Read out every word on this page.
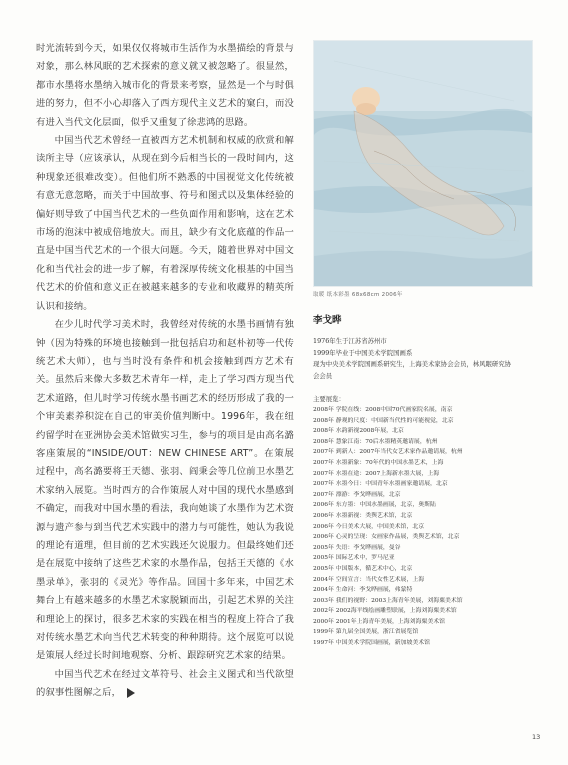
时光流转到今天，如果仅仅将城市生活作为水墨描绘的背景与对象，那么林风眠的艺术探索的意义就又被忽略了。很显然，都市水墨将水墨纳入城市化的背景来考察，显然是一个与时俱进的努力，但不小心却落入了西方现代主义艺术的窠臼，而没有进入当代文化层面，似乎又重复了徐悲鸿的思路。

中国当代艺术曾经一直被西方艺术机制和权威的欣赏和解读所主导（应该承认，从现在到今后相当长的一段时间内，这种现象还很难改变）。但他们所不熟悉的中国视觉文化传统被有意无意忽略，而关于中国故事、符号和图式以及集体经验的偏好则导致了中国当代艺术的一些负面作用和影响，这在艺术市场的泡沫中被成倍地放大。而且，缺少有文化底蕴的作品一直是中国当代艺术的一个很大问题。今天，随着世界对中国文化和当代社会的进一步了解，有着深厚传统文化根基的中国当代艺术的价值和意义正在被越来越多的专业和收藏界的精英所认识和接纳。

在少儿时代学习美术时，我曾经对传统的水墨书画情有独钟（因为特殊的环境也接触到一批包括启功和赵朴初等一代传统艺术大师），也与当时没有条件和机会接触到西方艺术有关。虽然后来像大多数艺术青年一样，走上了学习西方现当代艺术道路，但儿时学习传统水墨书画艺术的经历形成了我的一个审美素养积淀在自己的审美价值判断中。1996年，我在纽约留学时在亚洲协会美术馆做实习生，参与的项目是由高名潞客座策展的“INSIDE/OUT：NEW CHINESE ART”。在策展过程中，高名潞要将王天德、张羽、阎秉会等几位前卫水墨艺术家纳入展览。当时西方的合作策展人对中国的现代水墨感到不确定，而我对中国水墨的看法，我向她谈了水墨作为艺术资源与遗产参与到当代艺术实践中的潜力与可能性，她认为我说的理论有道理，但目前的艺术实践还欠说服力。但最终她们还是在展览中接纳了这些艺术家的水墨作品，包括王天德的《水墨录单》，张羽的《灵光》等作品。回国十多年来，中国艺术舞台上有越来越多的水墨艺术家脱颖而出，引起艺术界的关注和理论上的探讨，很多艺术家的实践在相当的程度上符合了我对传统水墨艺术向当代艺术转变的种种期待。这个展览可以说是策展人经过长时间地观察、分析、跟踪研究艺术家的结果。

中国当代艺术在经过文革符号、社会主义图式和当代欲望的叙事性图解之后，

取暖 纸本彩墨 68x68cm 2006年
李戈晔
1976年生于江苏省苏州市
1999年毕业于中国美术学院国画系
现为中央美术学院国画系研究生，上海美术家协会会员，林风眠研究协
会会员
主要展览：
2008年 学院在线：2008中国70代画家院名展，南京
2008年 静观的尺度：中国新当代性的可能视觉，北京
2008年 水韵新视2008年展，北京
2008年 慧象江南：70后水墨精英邀请展，杭州
2007年 到新人：2007年当代女艺术家作品邀请展，杭州
2007年 水墨新象：70年代的中国水墨艺术，上海
2007年 水墨在途：2007上海新水墨大展，上海
2007年 水墨今日：中国青年水墨画家邀请展，北京
2007年 漂游：李戈晔画展，北京
2006年 东方墨：中国水墨画展，北京，奥斯陆
2006年 水墨新视：类舆艺术馆，北京
2006年 今日美术大展，中国美术馆，北京
2006年 心灵的呈现：女画家作品展，类舆艺术馆，北京
2005年 失语：李戈晔画展，曼谷
2005年 国际艺术中，罗马尼亚
2005年 中国版本，循艺术中心，北京
2004年 空间宣言：当代女性艺术展，上海
2004年 生命河：李戈晔画展，弗蒙特
2003年 我们的视野：2003上海青年美展，刘海粟美术馆
2002年 2002海平线绘画雕塑联展，上海刘海粟美术馆
2000年 2001年上海青年美展，上海刘海粟美术馆
1999年 第九届全国美展，浙江省展览馆
1997年 中国美术学院国画展，新加坡美术馆
13
